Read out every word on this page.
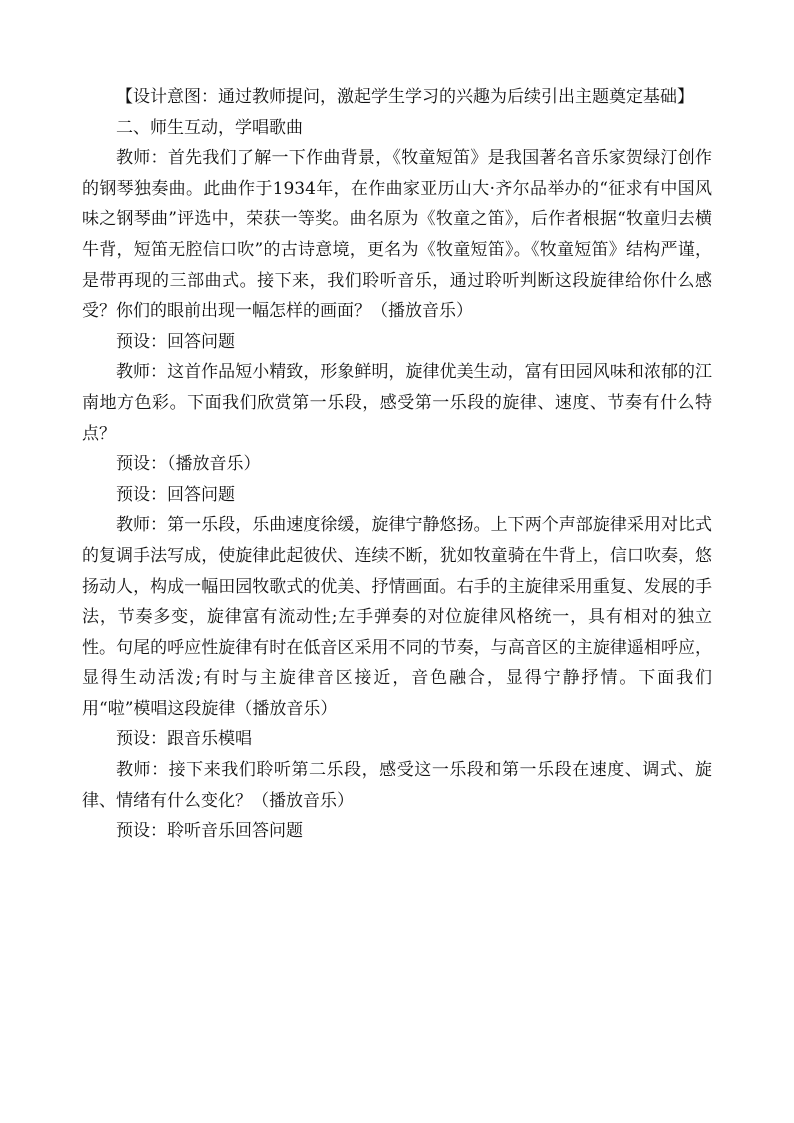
【设计意图：通过教师提问，激起学生学习的兴趣为后续引出主题奠定基础】

二、师生互动，学唱歌曲

教师：首先我们了解一下作曲背景，《牧童短笛》是我国著名音乐家贺绿汀创作的钢琴独奏曲。此曲作于1934年，在作曲家亚历山大·齐尔品举办的“征求有中国风味之钢琴曲”评选中，荣获一等奖。曲名原为《牧童之笛》，后作者根据“牧童归去横牛背，短笛无腔信口吹”的古诗意境，更名为《牧童短笛》。《牧童短笛》结构严谨，是带再现的三部曲式。接下来，我们聆听音乐，通过聆听判断这段旋律给你什么感受？你们的眼前出现一幅怎样的画面？（播放音乐）

预设：回答问题

教师：这首作品短小精致，形象鲜明，旋律优美生动，富有田园风味和浓郁的江南地方色彩。下面我们欣赏第一乐段，感受第一乐段的旋律、速度、节奏有什么特点？

预设：（播放音乐）

预设：回答问题

教师：第一乐段，乐曲速度徐缓，旋律宁静悠扬。上下两个声部旋律采用对比式的复调手法写成，使旋律此起彼伏、连续不断，犹如牧童骑在牛背上，信口吹奏，悠扬动人，构成一幅田园牧歌式的优美、抒情画面。右手的主旋律采用重复、发展的手法，节奏多变，旋律富有流动性;左手弹奏的对位旋律风格统一，具有相对的独立性。句尾的呼应性旋律有时在低音区采用不同的节奏，与高音区的主旋律遥相呼应，显得生动活泼;有时与主旋律音区接近，音色融合，显得宁静抒情。下面我们用“啦”模唱这段旋律（播放音乐）

预设：跟音乐模唱

教师：接下来我们聆听第二乐段，感受这一乐段和第一乐段在速度、调式、旋律、情绪有什么变化？（播放音乐）

预设：聆听音乐回答问题
